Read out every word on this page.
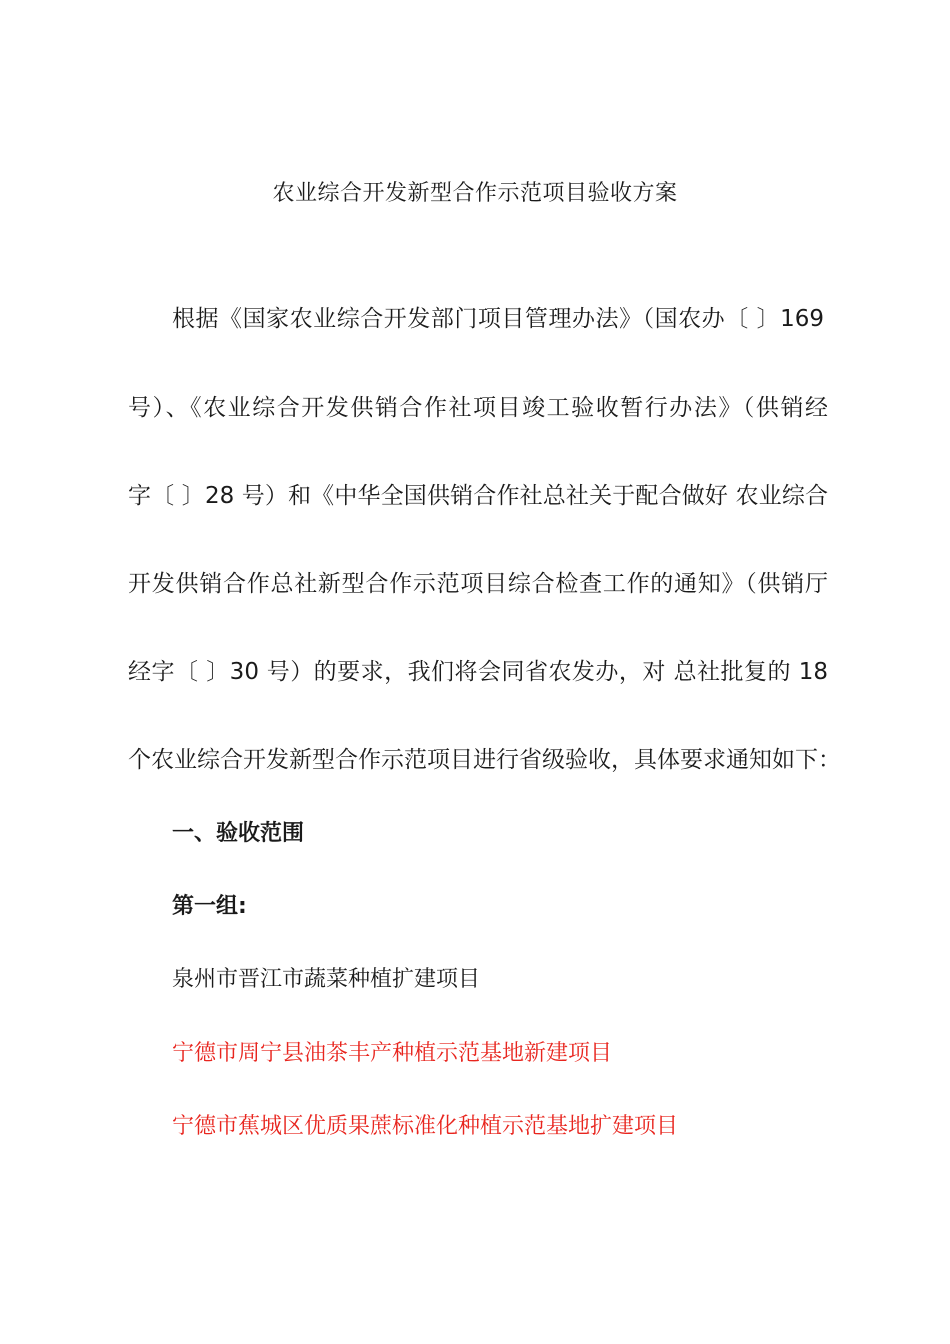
农业综合开发新型合作示范项目验收方案
根据《国家农业综合开发部门项目管理办法》（国农办〔 〕169
号）、《农业综合开发供销合作社项目竣工验收暂行办法》（供销经
字〔 〕28 号）和《中华全国供销合作社总社关于配合做好 农业综合
开发供销合作总社新型合作示范项目综合检查工作的通知》（供销厅
经字〔 〕30 号）的要求，我们将会同省农发办，对 总社批复的 18
个农业综合开发新型合作示范项目进行省级验收，具体要求通知如下：
一、验收范围
第一组:
泉州市晋江市蔬菜种植扩建项目
宁德市周宁县油茶丰产种植示范基地新建项目
宁德市蕉城区优质果蔗标准化种植示范基地扩建项目
